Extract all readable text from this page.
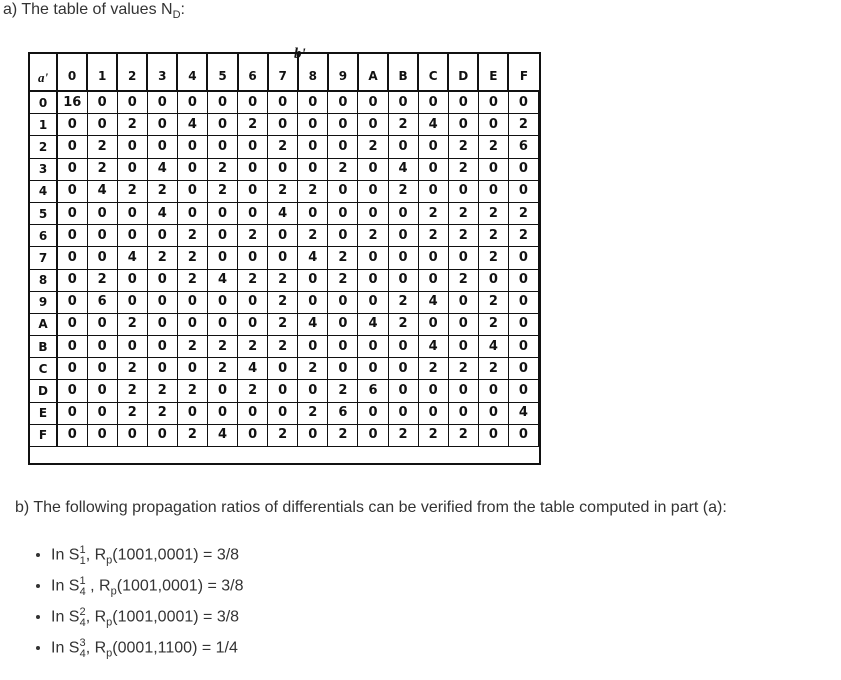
a) The table of values $N_D$:
b'
a'
	0	1	2	3	4	5	6	7	8	9	A	B	C	D	E	F
0	16	0	0	0	0	0	0	0	0	0	0	0	0	0	0	0
1	0	0	2	0	4	0	2	0	0	0	0	2	4	0	0	2
2	0	2	0	0	0	0	0	2	0	0	2	0	0	2	2	6
3	0	2	0	4	0	2	0	0	0	2	0	4	0	2	0	0
4	0	4	2	2	0	2	0	2	2	0	0	2	0	0	0	0
5	0	0	0	4	0	0	0	4	0	0	0	0	2	2	2	2
6	0	0	0	0	2	0	2	0	2	0	2	0	2	2	2	2
7	0	0	4	2	2	0	0	0	4	2	0	0	0	0	2	0
8	0	2	0	0	2	4	2	2	0	2	0	0	0	2	0	0
9	0	6	0	0	0	0	0	2	0	0	0	2	4	0	2	0
A	0	0	2	0	0	0	0	2	4	0	4	2	0	0	2	0
B	0	0	0	0	2	2	2	2	0	0	0	0	4	0	4	0
C	0	0	2	0	0	2	4	0	2	0	0	0	2	2	2	0
D	0	0	2	2	2	0	2	0	0	2	6	0	0	0	0	0
E	0	0	2	2	0	0	0	0	2	6	0	0	0	0	0	4
F	0	0	0	0	2	4	0	2	0	2	0	2	2	2	0	0
b) The following propagation ratios of differentials can be verified from the table computed in part (a):
• In $S^1_1$, $R_p(1001,0001) = 3/8$
• In $S^1_4$ , $R_p(1001,0001) = 3/8$
• In $S^2_4$, $R_p(1001,0001) = 3/8$
• In $S^3_4$, $R_p(0001,1100) = 1/4$
